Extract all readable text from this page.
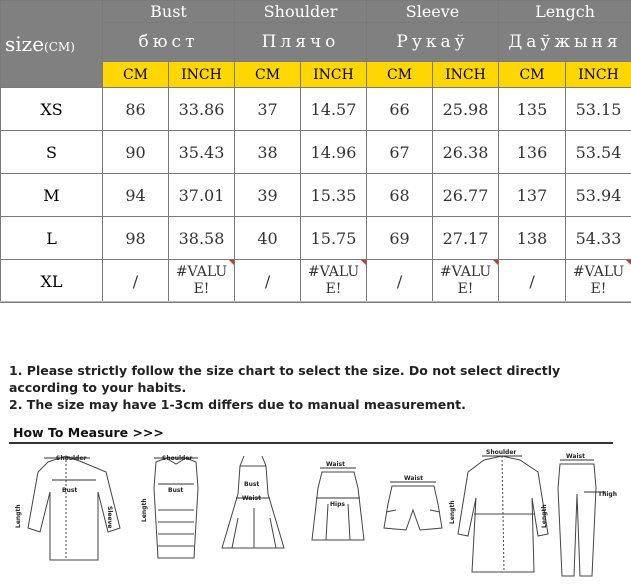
size(CM)	Bust		Shoulder		Sleeve		Lengch	
	бюст		Плячо		Рукаў		Даўжыня	
	CM	INCH	CM	INCH	CM	INCH	CM	INCH
XS	86	33.86	37	14.57	66	25.98	135	53.15
S	90	35.43	38	14.96	67	26.38	136	53.54
M	94	37.01	39	15.35	68	26.77	137	53.94
L	98	38.58	40	15.75	69	27.17	138	54.33
XL	/	#VALUE!	/	#VALUE!	/	#VALUE!	/	#VALUE!

1. Please strictly follow the size chart to select the size. Do not select directly according to your habits.

2. The size may have 1-3cm differs due to manual measurement.

How To Measure >>>
Shoulder
Bust
Length	Sleeve
Shoulder
Bust
Length
Bust
Waist
Waist
Hips
Waist
Shoulder
Length
Waist
Thigh
Length
